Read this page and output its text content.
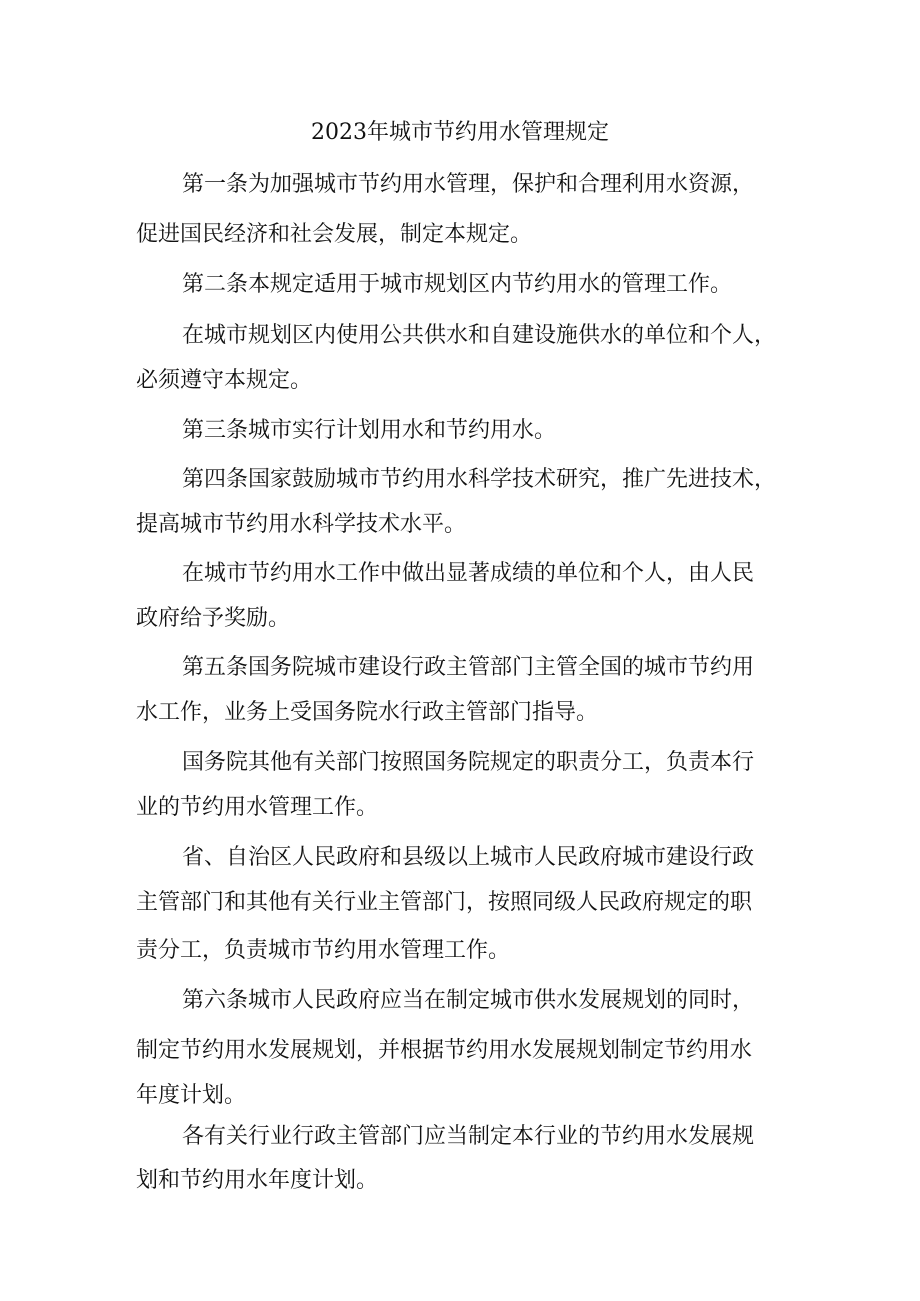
2023年城市节约用水管理规定
第一条为加强城市节约用水管理，保护和合理利用水资源，
促进国民经济和社会发展，制定本规定。
第二条本规定适用于城市规划区内节约用水的管理工作。
在城市规划区内使用公共供水和自建设施供水的单位和个人，
必须遵守本规定。
第三条城市实行计划用水和节约用水。
第四条国家鼓励城市节约用水科学技术研究，推广先进技术，
提高城市节约用水科学技术水平。
在城市节约用水工作中做出显著成绩的单位和个人，由人民
政府给予奖励。
第五条国务院城市建设行政主管部门主管全国的城市节约用
水工作，业务上受国务院水行政主管部门指导。
国务院其他有关部门按照国务院规定的职责分工，负责本行
业的节约用水管理工作。
省、自治区人民政府和县级以上城市人民政府城市建设行政
主管部门和其他有关行业主管部门，按照同级人民政府规定的职
责分工，负责城市节约用水管理工作。
第六条城市人民政府应当在制定城市供水发展规划的同时，
制定节约用水发展规划，并根据节约用水发展规划制定节约用水
年度计划。
各有关行业行政主管部门应当制定本行业的节约用水发展规
划和节约用水年度计划。
